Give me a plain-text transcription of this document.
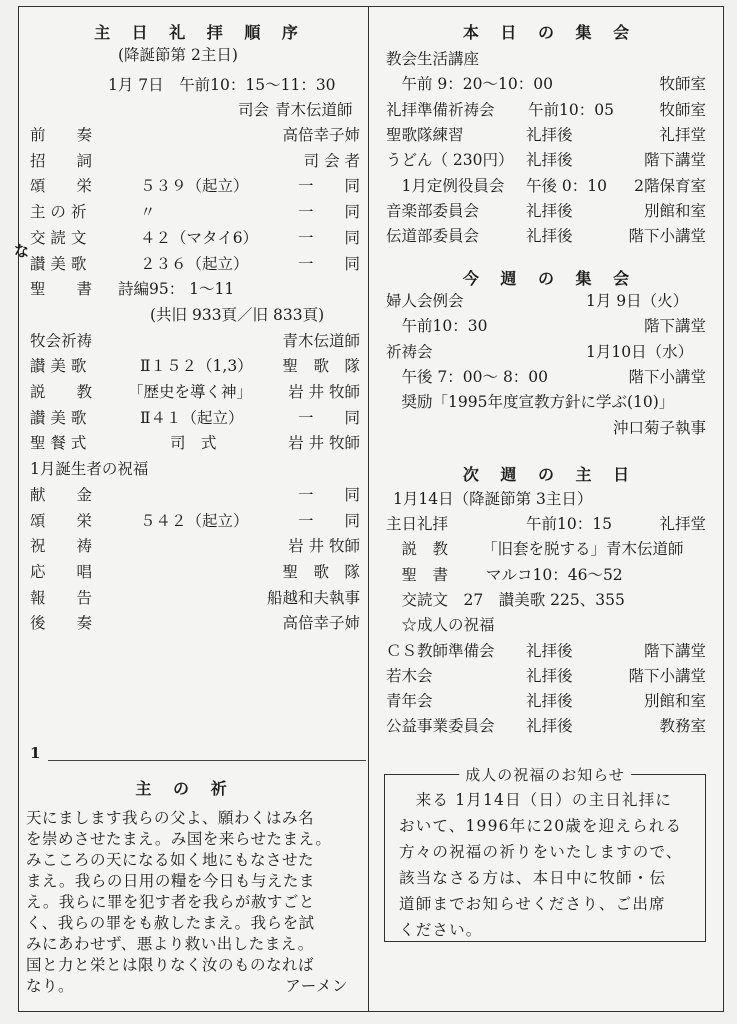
主 日 礼 拝 順 序
(降誕節第 2主日)
1月 7日　午前10：15〜11：30
司会 青木伝道師
前　　奏	高倍幸子姉
招　　詞	司 会 者
頌　　栄	５３９（起立）	一　　同
主 の 祈	〃	一　　同
交 読 文	４２（マタイ6）	一　　同
讃 美 歌	２３６（起立）	一　　同
聖　　書 詩編95： 1〜11
(共旧 933頁／旧 833頁)
牧会祈祷	青木伝道師
讃 美 歌	Ⅱ１５２（1,3） 聖　歌　隊
説　　教 「歴史を導く神」 岩 井 牧師
讃 美 歌	Ⅱ４１（起立）	一　　同
聖 餐 式	司　式	岩 井 牧師
1月誕生者の祝福
献　　金	一　　同
頌　　栄	５４２（起立）	一　　同
祝　　祷	岩 井 牧師
応　　唱	聖　歌　隊
報　　告	船越和夫執事
後　　奏	高倍幸子姉
な
1
主 の 祈
天にまします我らの父よ、願わくはみ名
を崇めさせたまえ。み国を来らせたまえ。
みこころの天になる如く地にもなさせた
まえ。我らの日用の糧を今日も与えたま
え。我らに罪を犯す者を我らが赦すごと
く、我らの罪をも赦したまえ。我らを試
みにあわせず、悪より救い出したまえ。
国と力と栄とは限りなく汝のものなれば
なり。	アーメン
本 日 の 集 会
教会生活講座
　午前 9：20〜10：00	牧師室
礼拝準備祈祷会 午前10：05	牧師室
聖歌隊練習	礼拝後	礼拝堂
うどん（ 230円） 礼拝後	階下講堂
　1月定例役員会 午後 0：10 2階保育室
音楽部委員会	礼拝後	別館和室
伝道部委員会	礼拝後	階下小講堂
今 週 の 集 会
婦人会例会	1月 9日（火）
　午前10：30	階下講堂
祈祷会	1月10日（水）
　午後 7：00〜 8：00	階下小講堂
　奨励「1995年度宣教方針に学ぶ(10)」
沖口菊子執事
次 週 の 主 日
1月14日（降誕節第 3主日）
主日礼拝	午前10：15	礼拝堂
　説　教 「旧套を脱する」青木伝道師
　聖　書 マルコ10：46〜52
　交読文　27　讃美歌 225、355
　☆成人の祝福
ＣＳ教師準備会 礼拝後	階下講堂
若木会	礼拝後	階下小講堂
青年会	礼拝後	別館和室
公益事業委員会 礼拝後	教務室
成人の祝福のお知らせ
　来る 1月14日（日）の主日礼拝に
おいて、1996年に20歳を迎えられる
方々の祝福の祈りをいたしますので、
該当なさる方は、本日中に牧師・伝
道師までお知らせくださり、ご出席
ください。
